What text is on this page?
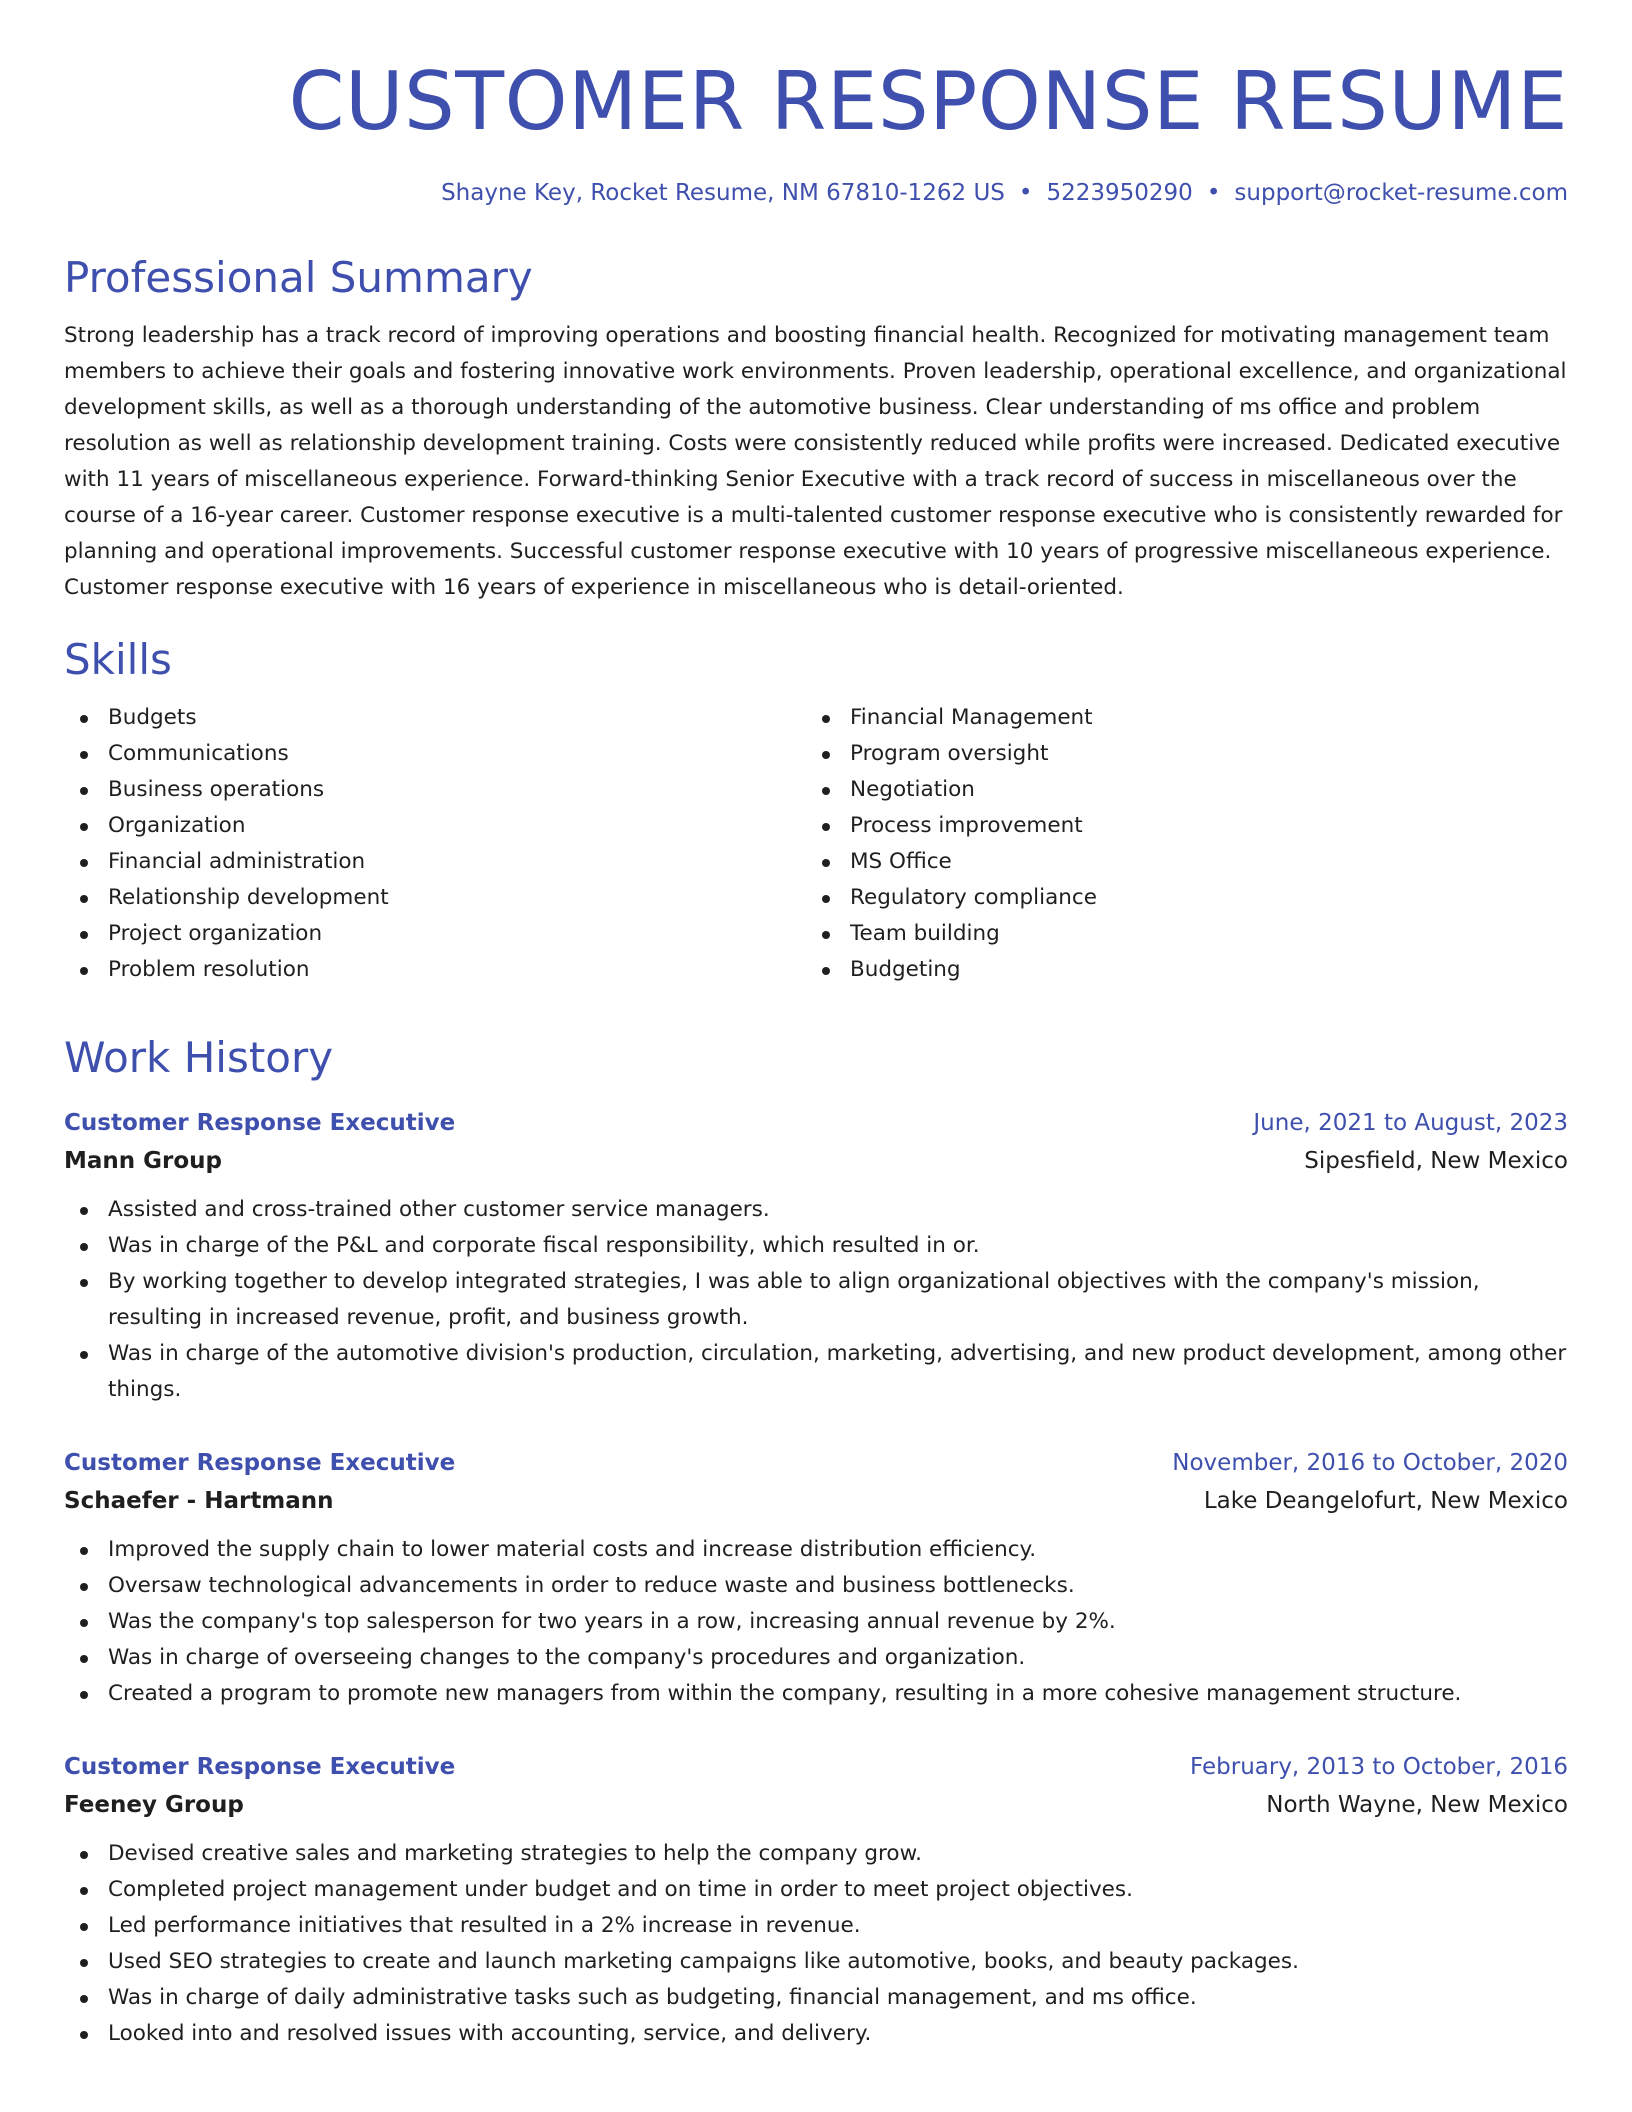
CUSTOMER RESPONSE RESUME
Shayne Key, Rocket Resume, NM 67810-1262 US • 5223950290 • support@rocket-resume.com
Professional Summary

Strong leadership has a track record of improving operations and boosting financial health. Recognized for motivating management team members to achieve their goals and fostering innovative work environments. Proven leadership, operational excellence, and organizational development skills, as well as a thorough understanding of the automotive business. Clear understanding of ms office and problem resolution as well as relationship development training. Costs were consistently reduced while profits were increased. Dedicated executive with 11 years of miscellaneous experience. Forward-thinking Senior Executive with a track record of success in miscellaneous over the course of a 16-year career. Customer response executive is a multi-talented customer response executive who is consistently rewarded for planning and operational improvements. Successful customer response executive with 10 years of progressive miscellaneous experience. Customer response executive with 16 years of experience in miscellaneous who is detail-oriented.

Skills
Budgets
Communications
Business operations
Organization
Financial administration
Relationship development
Project organization
Problem resolution
Financial Management
Program oversight
Negotiation
Process improvement
MS Office
Regulatory compliance
Team building
Budgeting
Work History
Customer Response Executive	June, 2021 to August, 2023
Mann Group	Sipesfield, New Mexico
Assisted and cross-trained other customer service managers.
Was in charge of the P&L and corporate fiscal responsibility, which resulted in or.
By working together to develop integrated strategies, I was able to align organizational objectives with the company's mission, resulting in increased revenue, profit, and business growth.
Was in charge of the automotive division's production, circulation, marketing, advertising, and new product development, among other things.
Customer Response Executive	November, 2016 to October, 2020
Schaefer - Hartmann	Lake Deangelofurt, New Mexico
Improved the supply chain to lower material costs and increase distribution efficiency.
Oversaw technological advancements in order to reduce waste and business bottlenecks.
Was the company's top salesperson for two years in a row, increasing annual revenue by 2%.
Was in charge of overseeing changes to the company's procedures and organization.
Created a program to promote new managers from within the company, resulting in a more cohesive management structure.
Customer Response Executive	February, 2013 to October, 2016
Feeney Group	North Wayne, New Mexico
Devised creative sales and marketing strategies to help the company grow.
Completed project management under budget and on time in order to meet project objectives.
Led performance initiatives that resulted in a 2% increase in revenue.
Used SEO strategies to create and launch marketing campaigns like automotive, books, and beauty packages.
Was in charge of daily administrative tasks such as budgeting, financial management, and ms office.
Looked into and resolved issues with accounting, service, and delivery.
